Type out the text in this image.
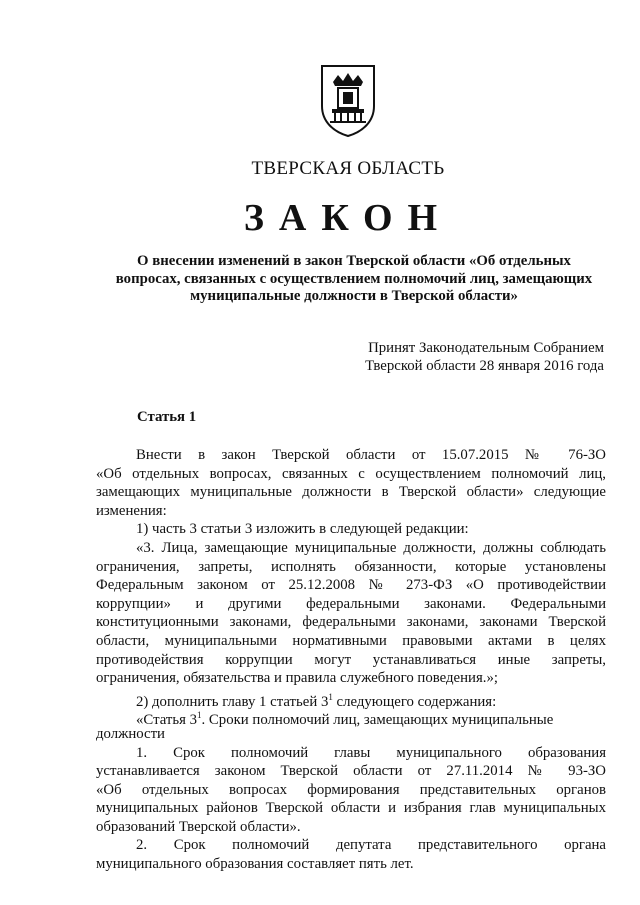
ТВЕРСКАЯ ОБЛАСТЬ
ЗАКОН
О внесении изменений в закон Тверской области «Об отдельных
вопросах, связанных с осуществлением полномочий лиц, замещающих
муниципальные должности в Тверской области»
Принят Законодательным Собранием
Тверской области 28 января 2016 года
Статья 1
Внести в закон Тверской области от 15.07.2015 № 76-ЗО
«Об отдельных вопросах, связанных с осуществлением полномочий лиц,
замещающих муниципальные должности в Тверской области» следующие
изменения:
1) часть 3 статьи 3 изложить в следующей редакции:
«3. Лица, замещающие муниципальные должности, должны соблюдать
ограничения, запреты, исполнять обязанности, которые установлены
Федеральным законом от 25.12.2008 № 273-ФЗ «О противодействии
коррупции» и другими федеральными законами. Федеральными
конституционными законами, федеральными законами, законами Тверской
области, муниципальными нормативными правовыми актами в целях
противодействия коррупции могут устанавливаться иные запреты,
ограничения, обязательства и правила служебного поведения.»;
2) дополнить главу 1 статьей $3^1$ следующего содержания:
«Статья $3^1$. Сроки полномочий лиц, замещающих муниципальные
должности
1. Срок полномочий главы муниципального образования
устанавливается законом Тверской области от 27.11.2014 № 93-ЗО
«Об отдельных вопросах формирования представительных органов
муниципальных районов Тверской области и избрания глав муниципальных
образований Тверской области».
2. Срок полномочий депутата представительного органа
муниципального образования составляет пять лет.
